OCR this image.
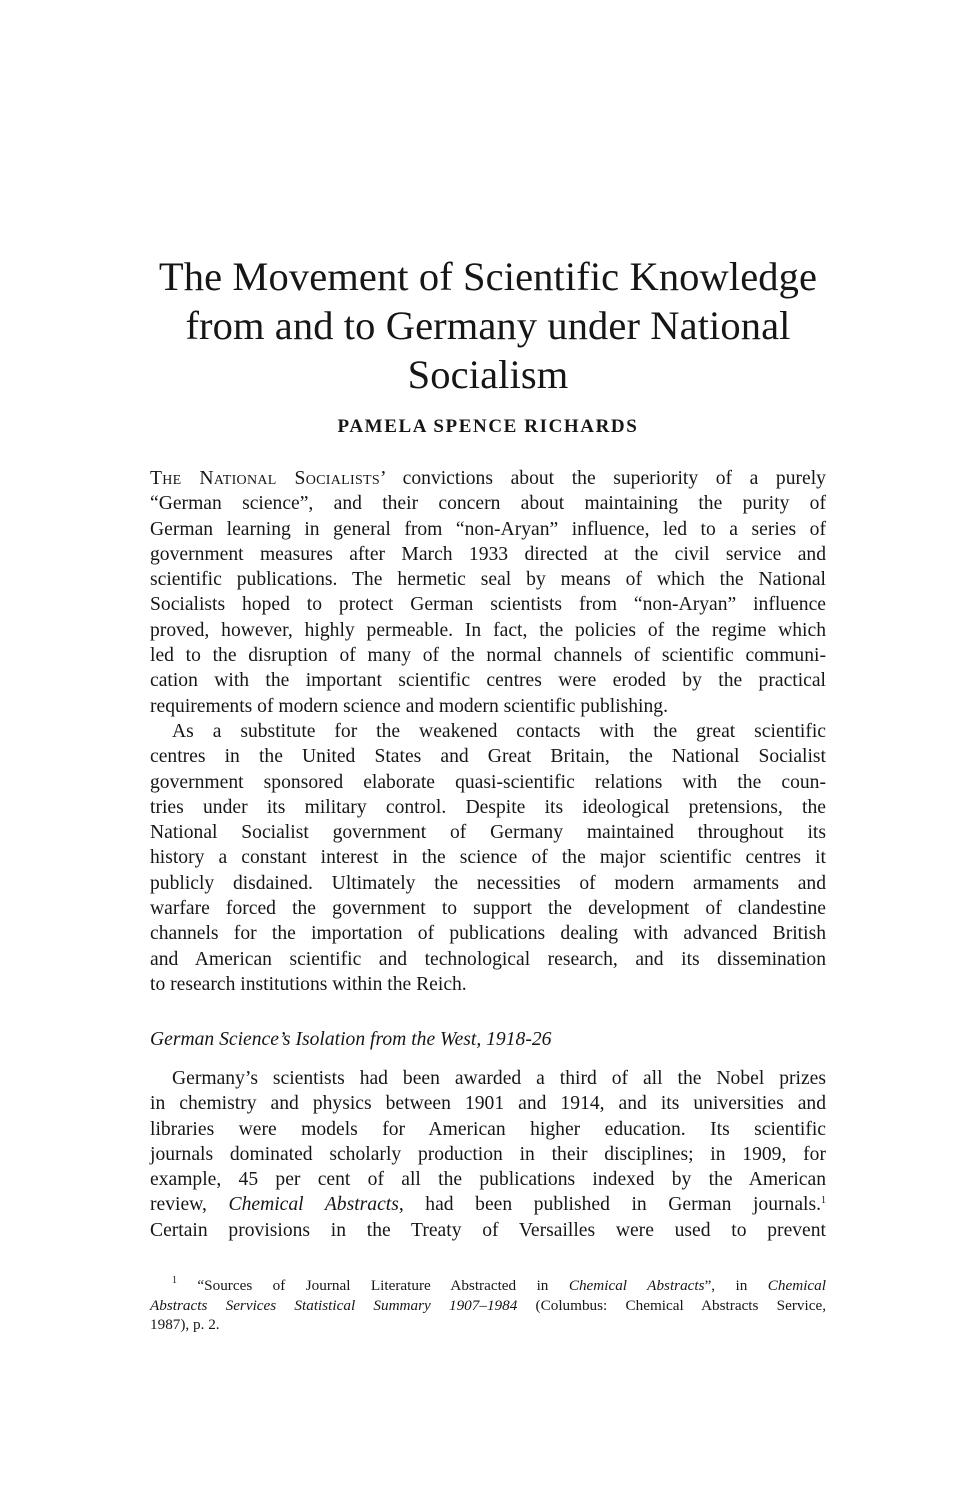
The Movement of Scientific Knowledge
from and to Germany under National
Socialism

PAMELA SPENCE RICHARDS

The National Socialists’ convictions about the superiority of a purely
“German science”, and their concern about maintaining the purity of
German learning in general from “non-Aryan” influence, led to a series of
government measures after March 1933 directed at the civil service and
scientific publications. The hermetic seal by means of which the National
Socialists hoped to protect German scientists from “non-Aryan” influence
proved, however, highly permeable. In fact, the policies of the regime which
led to the disruption of many of the normal channels of scientific communi-
cation with the important scientific centres were eroded by the practical
requirements of modern science and modern scientific publishing.
As a substitute for the weakened contacts with the great scientific
centres in the United States and Great Britain, the National Socialist
government sponsored elaborate quasi-scientific relations with the coun-
tries under its military control. Despite its ideological pretensions, the
National Socialist government of Germany maintained throughout its
history a constant interest in the science of the major scientific centres it
publicly disdained. Ultimately the necessities of modern armaments and
warfare forced the government to support the development of clandestine
channels for the importation of publications dealing with advanced British
and American scientific and technological research, and its dissemination
to research institutions within the Reich.
German Science’s Isolation from the West, 1918-26
Germany’s scientists had been awarded a third of all the Nobel prizes
in chemistry and physics between 1901 and 1914, and its universities and
libraries were models for American higher education. Its scientific
journals dominated scholarly production in their disciplines; in 1909, for
example, 45 per cent of all the publications indexed by the American
review, Chemical Abstracts, had been published in German journals.$^1$
Certain provisions in the Treaty of Versailles were used to prevent
$^1$ “Sources of Journal Literature Abstracted in Chemical Abstracts”, in Chemical
Abstracts Services Statistical Summary 1907–1984 (Columbus: Chemical Abstracts Service,
1987), p. 2.
